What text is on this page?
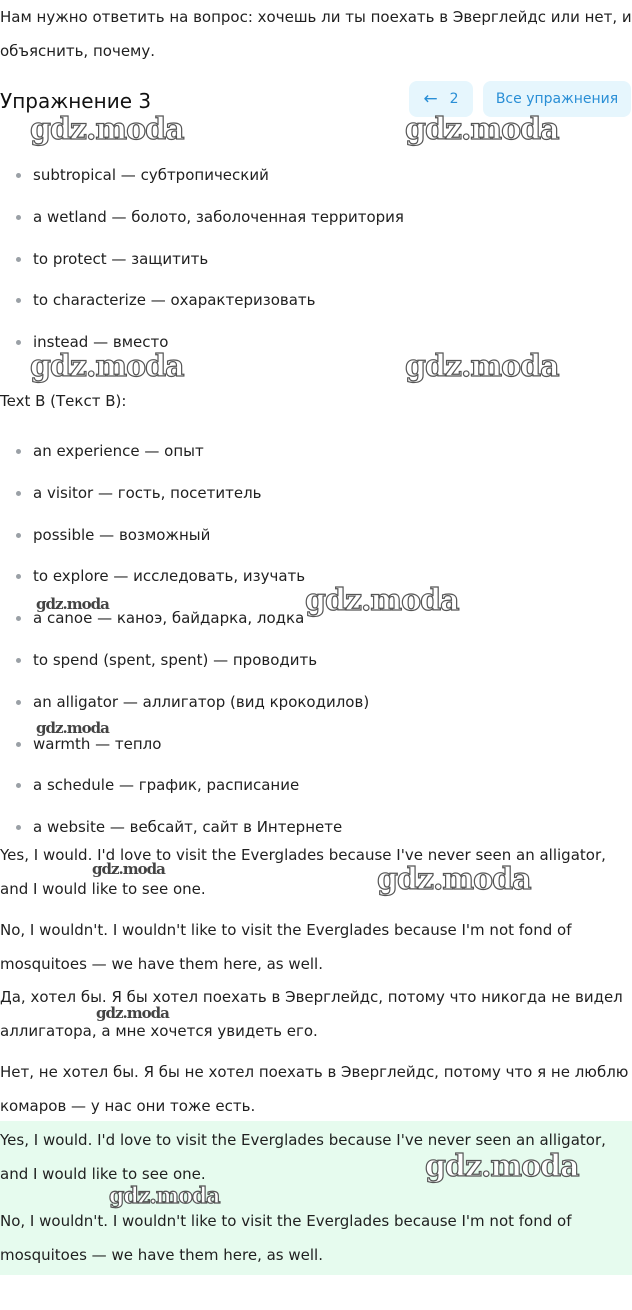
Нам нужно ответить на вопрос: хочешь ли ты поехать в Эверглейдс или нет, и объяснить, почему.

Упражнение 3	← 2	Все упражнения
subtropical — субтропический
a wetland — болото, заболоченная территория
to protect — защитить
to characterize — охарактеризовать
instead — вместо
Text B (Текст B):
an experience — опыт
a visitor — гость, посетитель
possible — возможный
to explore — исследовать, изучать
a canoe — каноэ, байдарка, лодка
to spend (spent, spent) — проводить
an alligator — аллигатор (вид крокодилов)
warmth — тепло
a schedule — график, расписание
a website — вебсайт, сайт в Интернете

Yes, I would. I'd love to visit the Everglades because I've never seen an alligator, and I would like to see one.

No, I wouldn't. I wouldn't like to visit the Everglades because I'm not fond of mosquitoes — we have them here, as well.

Да, хотел бы. Я бы хотел поехать в Эверглейдс, потому что никогда не видел аллигатора, а мне хочется увидеть его.

Нет, не хотел бы. Я бы не хотел поехать в Эверглейдс, потому что я не люблю комаров — у нас они тоже есть.

Yes, I would. I'd love to visit the Everglades because I've never seen an alligator, and I would like to see one.

No, I wouldn't. I wouldn't like to visit the Everglades because I'm not fond of mosquitoes — we have them here, as well.

gdz.moda	gdz.moda
gdz.moda	gdz.moda
gdz.moda	gdz.moda
gdz.moda
gdz.moda	gdz.moda
gdz.moda
gdz.moda
gdz.moda
